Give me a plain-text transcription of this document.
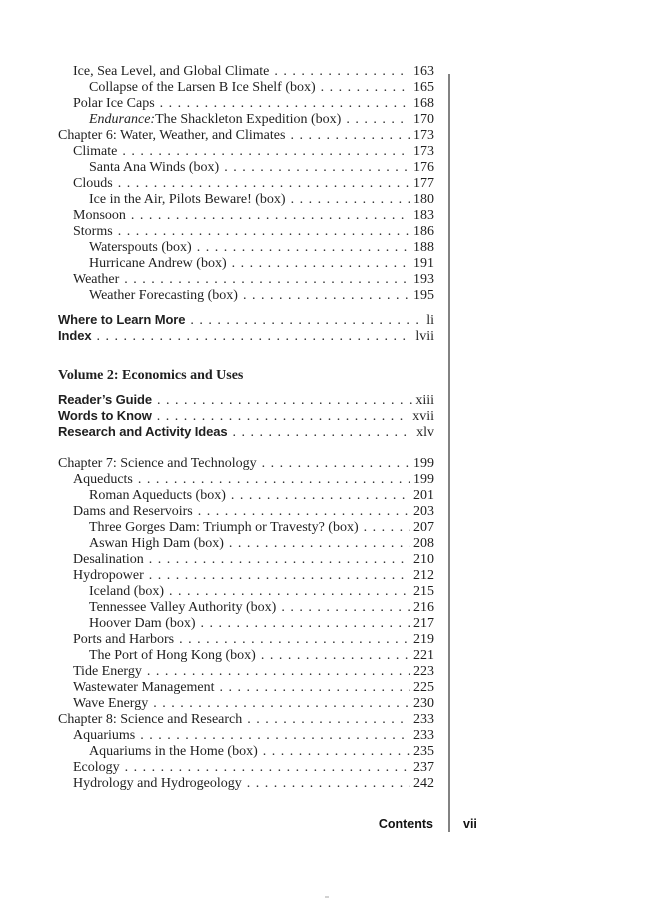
Ice, Sea Level, and Global Climate . . .	163
Collapse of the Larsen B Ice Shelf (box) . . .	165
Polar Ice Caps . . .	168
Endurance: The Shackleton Expedition (box) . . .	170
Chapter 6: Water, Weather, and Climates . . .	173
Climate . . .	173
Santa Ana Winds (box) . . .	176
Clouds . . .	177
Ice in the Air, Pilots Beware! (box) . . .	180
Monsoon . . .	183
Storms . . .	186
Waterspouts (box) . . .	188
Hurricane Andrew (box) . . .	191
Weather . . .	193
Weather Forecasting (box) . . .	195
Where to Learn More . . .	li
Index . . .	lvii
Volume 2: Economics and Uses
Reader’s Guide . . .	xiii
Words to Know . . .	xvii
Research and Activity Ideas . . .	xlv
Chapter 7: Science and Technology . . .	199
Aqueducts . . .	199
Roman Aqueducts (box) . . .	201
Dams and Reservoirs . . .	203
Three Gorges Dam: Triumph or Travesty? (box) . . .	207
Aswan High Dam (box) . . .	208
Desalination . . .	210
Hydropower . . .	212
Iceland (box) . . .	215
Tennessee Valley Authority (box) . . .	216
Hoover Dam (box) . . .	217
Ports and Harbors . . .	219
The Port of Hong Kong (box) . . .	221
Tide Energy . . .	223
Wastewater Management . . .	225
Wave Energy . . .	230
Chapter 8: Science and Research . . .	233
Aquariums . . .	233
Aquariums in the Home (box) . . .	235
Ecology . . .	237
Hydrology and Hydrogeology . . .	242
Contents vii
